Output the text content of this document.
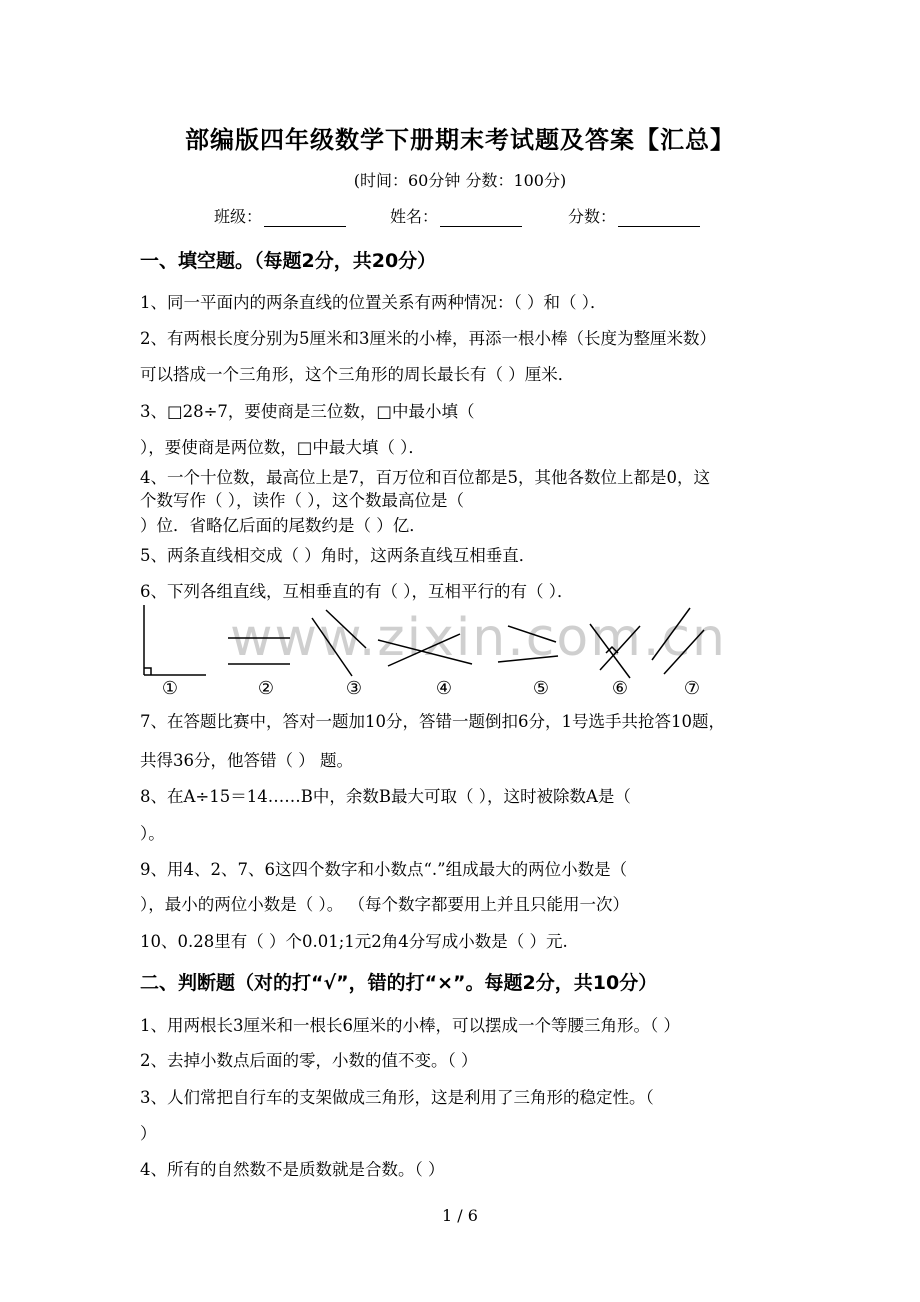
部编版四年级数学下册期末考试题及答案【汇总】
(时间：60分钟 分数：100分)
班级：	姓名：	分数：
一、填空题。（每题2分，共20分）
1、同一平面内的两条直线的位置关系有两种情况：（ ）和（ ）．
2、有两根长度分别为5厘米和3厘米的小棒，再添一根小棒（长度为整厘米数）
可以搭成一个三角形，这个三角形的周长最长有（ ）厘米．
3、□28÷7，要使商是三位数，□中最小填（
），要使商是两位数，□中最大填（ ）．
4、一个十位数，最高位上是7，百万位和百位都是5，其他各数位上都是0，这
个数写作（ ），读作（ ），这个数最高位是（
）位．省略亿后面的尾数约是（ ）亿．
5、两条直线相交成（ ）角时，这两条直线互相垂直．
6、下列各组直线，互相垂直的有（ ），互相平行的有（ ）．
www.zixin.com.cn
①	②	③	④	⑤	⑥	⑦
7、在答题比赛中，答对一题加10分，答错一题倒扣6分，1号选手共抢答10题，
共得36分，他答错（ ） 题。
8、在A÷15＝14……B中，余数B最大可取（ ），这时被除数A是（
）。
9、用4、2、7、6这四个数字和小数点“.”组成最大的两位小数是（
），最小的两位小数是（ ）。 （每个数字都要用上并且只能用一次）
10、0.28里有（ ）个0.01;1元2角4分写成小数是（ ）元.
二、判断题（对的打“√”，错的打“×”。每题2分，共10分）
1、用两根长3厘米和一根长6厘米的小棒，可以摆成一个等腰三角形。（ ）
2、去掉小数点后面的零，小数的值不变。（ ）
3、人们常把自行车的支架做成三角形，这是利用了三角形的稳定性。（
）
4、所有的自然数不是质数就是合数。（ ）
1 / 6
